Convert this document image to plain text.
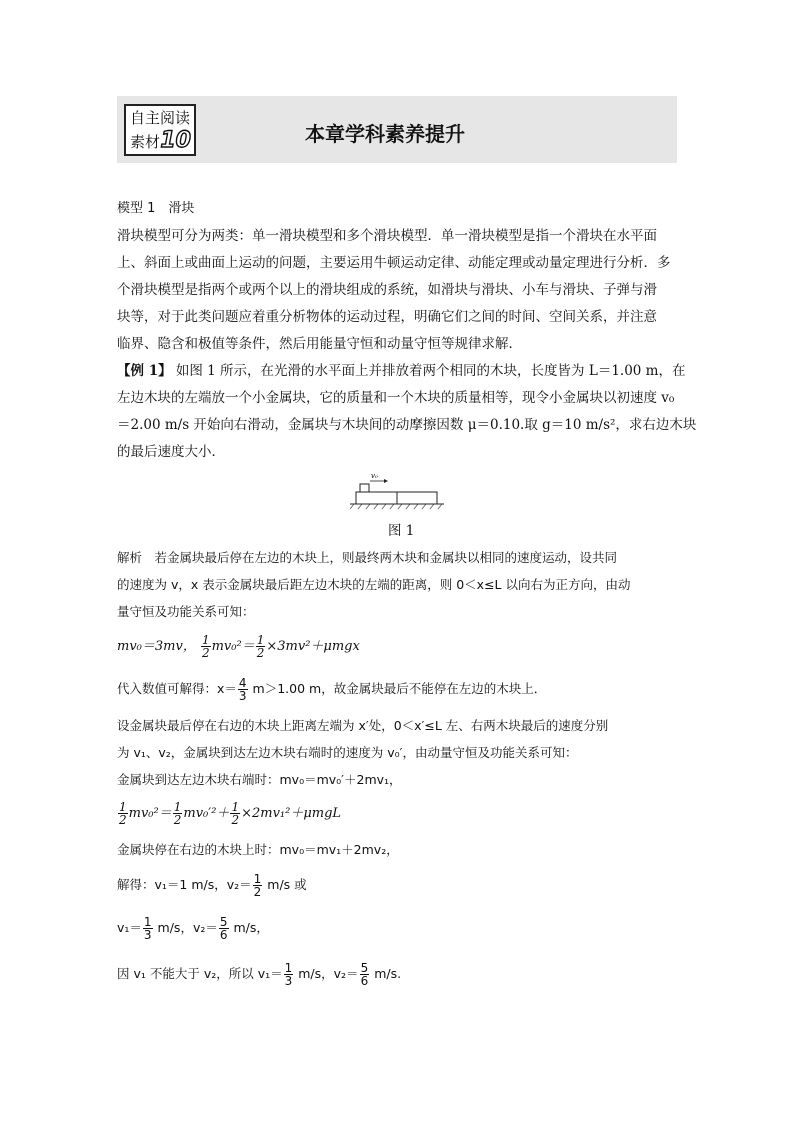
自主阅读
素材 10	本章学科素养提升
模型 1　滑块
滑块模型可分为两类：单一滑块模型和多个滑块模型．单一滑块模型是指一个滑块在水平面
上、斜面上或曲面上运动的问题，主要运用牛顿运动定律、动能定理或动量定理进行分析．多
个滑块模型是指两个或两个以上的滑块组成的系统，如滑块与滑块、小车与滑块、子弹与滑
块等，对于此类问题应着重分析物体的运动过程，明确它们之间的时间、空间关系，并注意
临界、隐含和极值等条件，然后用能量守恒和动量守恒等规律求解．
【例 1】 如图 1 所示，在光滑的水平面上并排放着两个相同的木块，长度皆为 L＝1.00 m，在
左边木块的左端放一个小金属块，它的质量和一个木块的质量相等，现令小金属块以初速度 v₀
＝2.00 m/s 开始向右滑动，金属块与木块间的动摩擦因数 μ＝0.10.取 g＝10 m/s²，求右边木块
的最后速度大小．
v₀
图 1
解析　若金属块最后停在左边的木块上，则最终两木块和金属块以相同的速度运动，设共同
的速度为 v，x 表示金属块最后距左边木块的左端的距离，则 0＜x≤L 以向右为正方向，由动
量守恒及功能关系可知：
mv₀＝3mv， $\frac{1}{2} mv_0^2= \frac{1}{2} \times 3mv^2+\mu mgx$
代入数值可解得：$x= \frac{4}{3} m>1.00$ m，故金属块最后不能停在左边的木块上．
设金属块最后停在右边的木块上距离左端为 x′处，0＜x′≤L 左、右两木块最后的速度分别
为 v₁、v₂，金属块到达左边木块右端时的速度为 v₀′，由动量守恒及功能关系可知：
金属块到达左边木块右端时：mv₀＝mv₀′＋2mv₁，
$\frac{1}{2} mv_0^2= \frac{1}{2} mv_0'^2+ \frac{1}{2} \times 2mv_1^2+\mu mgL$
金属块停在右边的木块上时：mv₀＝mv₁＋2mv₂，
解得：v₁＝1 m/s，$v_2= \frac{1}{2} m/s$ 或
$v_1= \frac{1}{3} m/s$，$v_2= \frac{5}{6} m/s$，
因 v₁ 不能大于 v₂，所以 $v_1= \frac{1}{3} m/s$，$v_2= \frac{5}{6} m/s$.
